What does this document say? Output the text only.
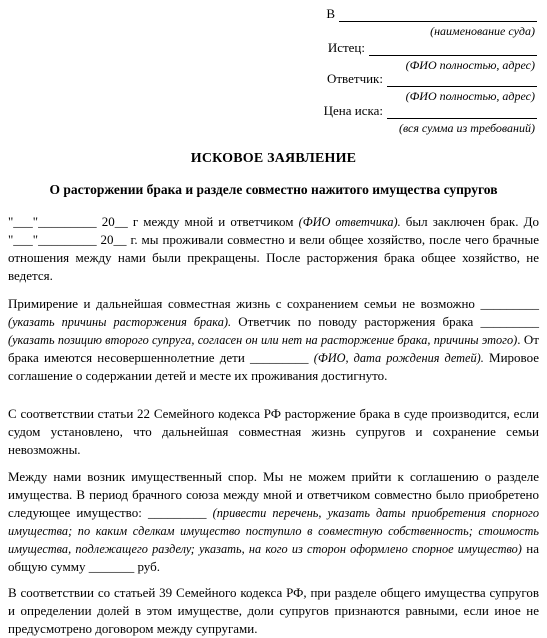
В
(наименование суда)
Истец:
(ФИО полностью, адрес)
Ответчик:
(ФИО полностью, адрес)
Цена иска:
(вся сумма из требований)
ИСКОВОЕ ЗАЯВЛЕНИЕ
О расторжении брака и разделе совместно нажитого имущества супругов

"___"_________ 20__ г между мной и ответчиком (ФИО ответчика). был заключен брак. До "___"_________ 20__ г. мы проживали совместно и вели общее хозяйство, после чего брачные отношения между нами были прекращены. После расторжения брака общее хозяйство, не ведется.

Примирение и дальнейшая совместная жизнь с сохранением семьи не возможно _________ (указать причины расторжения брака). Ответчик по поводу расторжения брака _________ (указать позицию второго супруга, согласен он или нет на расторжение брака, причины этого). От брака имеются несовершеннолетние дети _________ (ФИО, дата рождения детей). Мировое соглашение о содержании детей и месте их проживания достигнуто.

С соответствии статьи 22 Семейного кодекса РФ расторжение брака в суде производится, если судом установлено, что дальнейшая совместная жизнь супругов и сохранение семьи невозможны.

Между нами возник имущественный спор. Мы не можем прийти к соглашению о разделе имущества. В период брачного союза между мной и ответчиком совместно было приобретено следующее имущество: _________ (привести перечень, указать даты приобретения спорного имущества; по каким сделкам имущество поступило в совместную собственность; стоимость имущества, подлежащего разделу; указать, на кого из сторон оформлено спорное имущество) на общую сумму _______ руб.

В соответствии со статьей 39 Семейного кодекса РФ, при разделе общего имущества супругов и определении долей в этом имуществе, доли супругов признаются равными, если иное не предусмотрено договором между супругами.
